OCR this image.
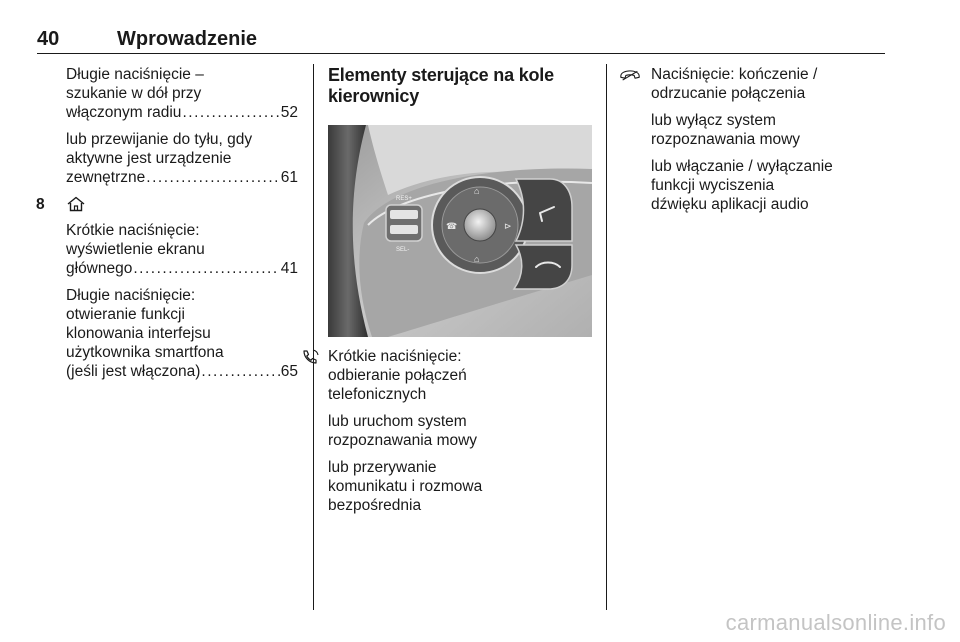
40	Wprowadzenie

Długie naciśnięcie –
szukanie w dół przy

włączonym radiu . . .	52

lub przewijanie do tyłu, gdy
aktywne jest urządzenie

zewnętrzne . . .	61

8

Krótkie naciśnięcie:
wyświetlenie ekranu

głównego . . .	41

Długie naciśnięcie:
otwieranie funkcji
klonowania interfejsu
użytkownika smartfona

(jeśli jest włączona) . . .	65

Elementy sterujące na kole
kierownicy
RES+
SEL-
⌂
☎	⊳
⌂

Krótkie naciśnięcie:
odbieranie połączeń
telefonicznych

lub uruchom system
rozpoznawania mowy

lub przerywanie
komunikatu i rozmowa
bezpośrednia

Naciśnięcie: kończenie /
odrzucanie połączenia

lub wyłącz system
rozpoznawania mowy

lub włączanie / wyłączanie
funkcji wyciszenia
dźwięku aplikacji audio

carmanualsonline.info
